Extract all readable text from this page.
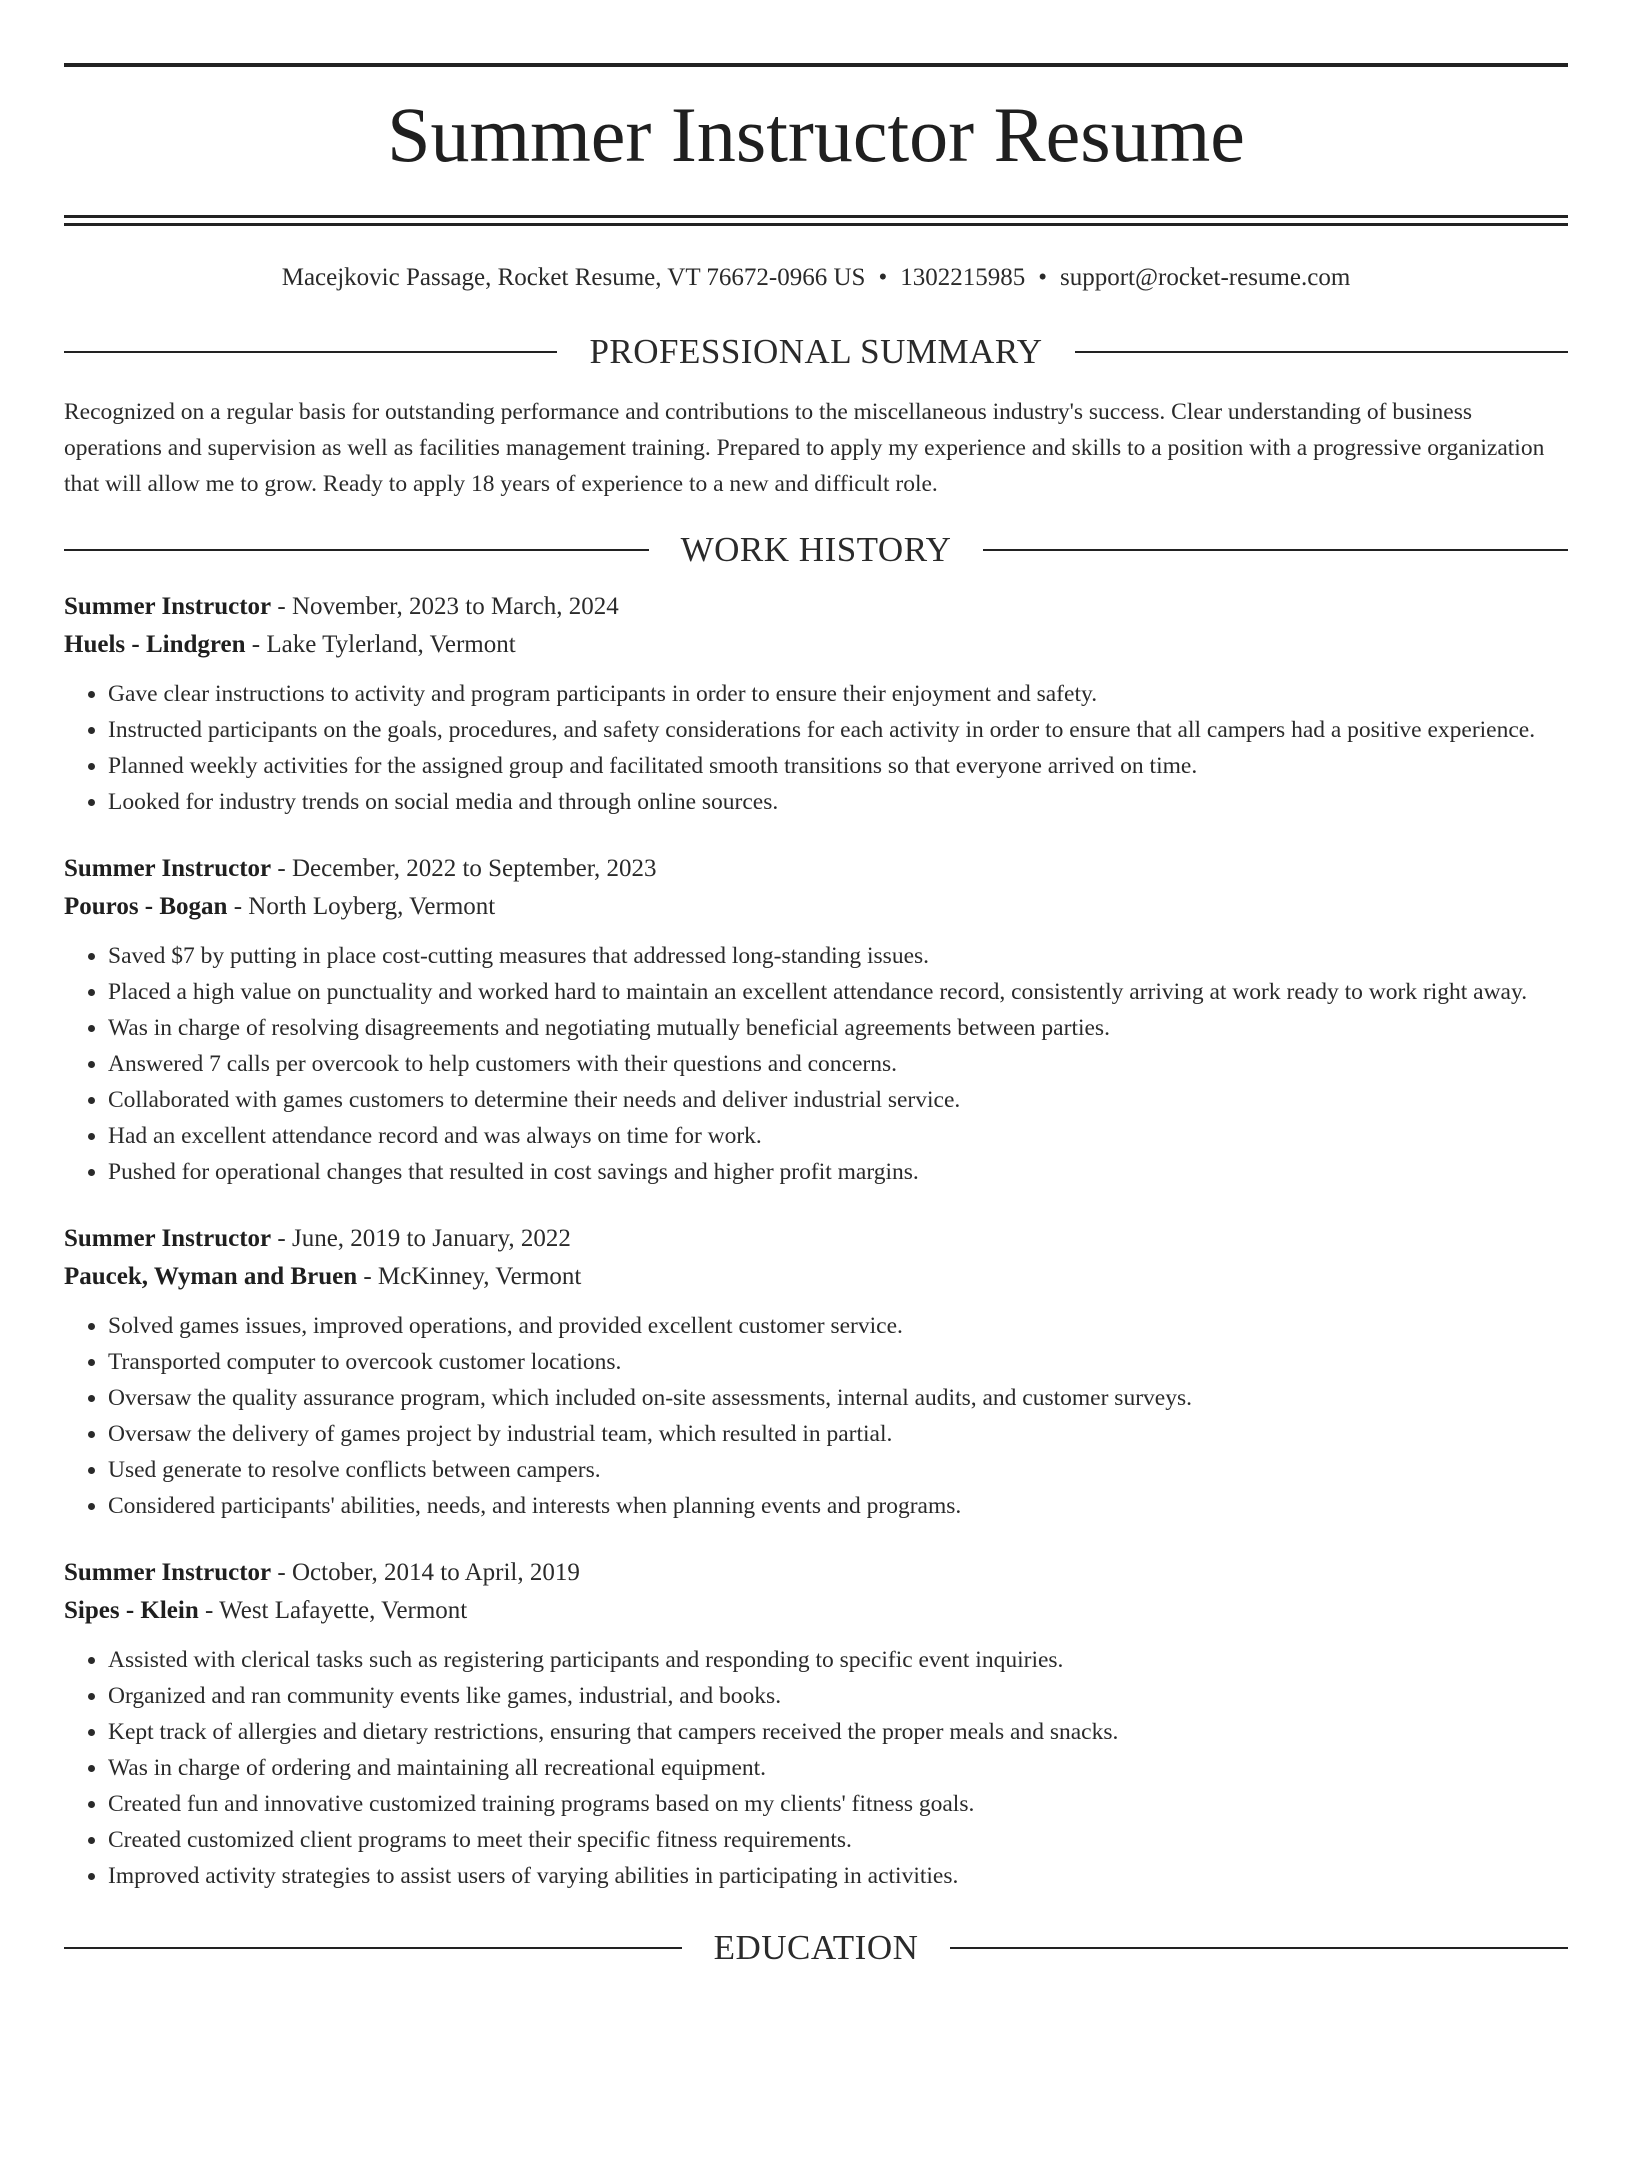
Summer Instructor Resume
Macejkovic Passage, Rocket Resume, VT 76672-0966 US • 1302215985 • support@rocket-resume.com
PROFESSIONAL SUMMARY

Recognized on a regular basis for outstanding performance and contributions to the miscellaneous industry's success. Clear understanding of business operations and supervision as well as facilities management training. Prepared to apply my experience and skills to a position with a progressive organization that will allow me to grow. Ready to apply 18 years of experience to a new and difficult role.

WORK HISTORY
Summer Instructor - November, 2023 to March, 2024
Huels - Lindgren - Lake Tylerland, Vermont
• Gave clear instructions to activity and program participants in order to ensure their enjoyment and safety.
• Instructed participants on the goals, procedures, and safety considerations for each activity in order to ensure that all campers had a positive experience.
• Planned weekly activities for the assigned group and facilitated smooth transitions so that everyone arrived on time.
• Looked for industry trends on social media and through online sources.
Summer Instructor - December, 2022 to September, 2023
Pouros - Bogan - North Loyberg, Vermont
• Saved $7 by putting in place cost-cutting measures that addressed long-standing issues.
• Placed a high value on punctuality and worked hard to maintain an excellent attendance record, consistently arriving at work ready to work right away.
• Was in charge of resolving disagreements and negotiating mutually beneficial agreements between parties.
• Answered 7 calls per overcook to help customers with their questions and concerns.
• Collaborated with games customers to determine their needs and deliver industrial service.
• Had an excellent attendance record and was always on time for work.
• Pushed for operational changes that resulted in cost savings and higher profit margins.
Summer Instructor - June, 2019 to January, 2022
Paucek, Wyman and Bruen - McKinney, Vermont
• Solved games issues, improved operations, and provided excellent customer service.
• Transported computer to overcook customer locations.
• Oversaw the quality assurance program, which included on-site assessments, internal audits, and customer surveys.
• Oversaw the delivery of games project by industrial team, which resulted in partial.
• Used generate to resolve conflicts between campers.
• Considered participants' abilities, needs, and interests when planning events and programs.
Summer Instructor - October, 2014 to April, 2019
Sipes - Klein - West Lafayette, Vermont
• Assisted with clerical tasks such as registering participants and responding to specific event inquiries.
• Organized and ran community events like games, industrial, and books.
• Kept track of allergies and dietary restrictions, ensuring that campers received the proper meals and snacks.
• Was in charge of ordering and maintaining all recreational equipment.
• Created fun and innovative customized training programs based on my clients' fitness goals.
• Created customized client programs to meet their specific fitness requirements.
• Improved activity strategies to assist users of varying abilities in participating in activities.
EDUCATION
